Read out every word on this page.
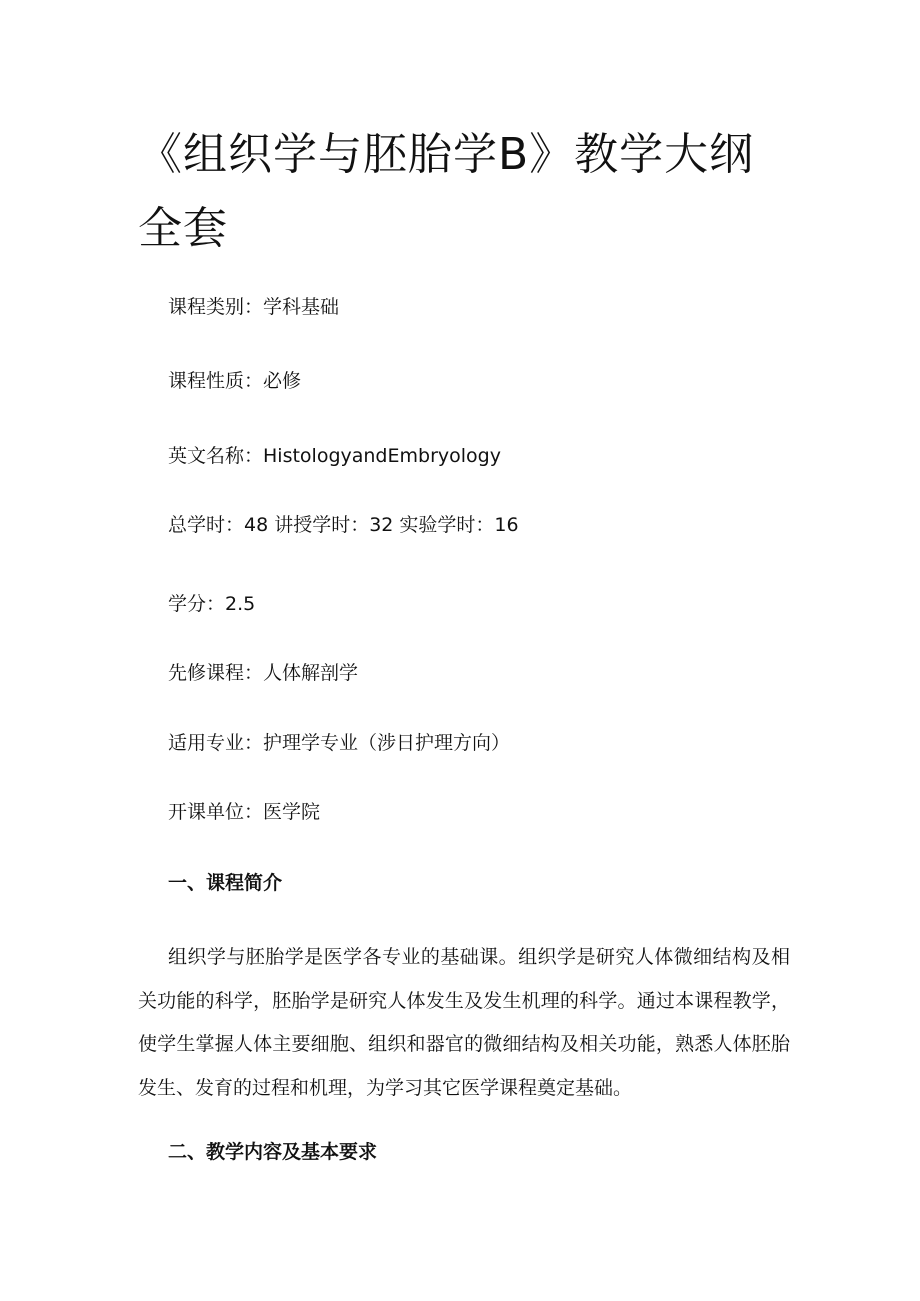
《组织学与胚胎学B》教学大纲全套

课程类别：学科基础

课程性质：必修

英文名称：HistologyandEmbryology

总学时：48 讲授学时：32 实验学时：16

学分：2.5

先修课程：人体解剖学

适用专业：护理学专业（涉日护理方向）

开课单位：医学院

一、课程简介

组织学与胚胎学是医学各专业的基础课。组织学是研究人体微细结构及相关功能的科学，胚胎学是研究人体发生及发生机理的科学。通过本课程教学，使学生掌握人体主要细胞、组织和器官的微细结构及相关功能，熟悉人体胚胎发生、发育的过程和机理，为学习其它医学课程奠定基础。

二、教学内容及基本要求
